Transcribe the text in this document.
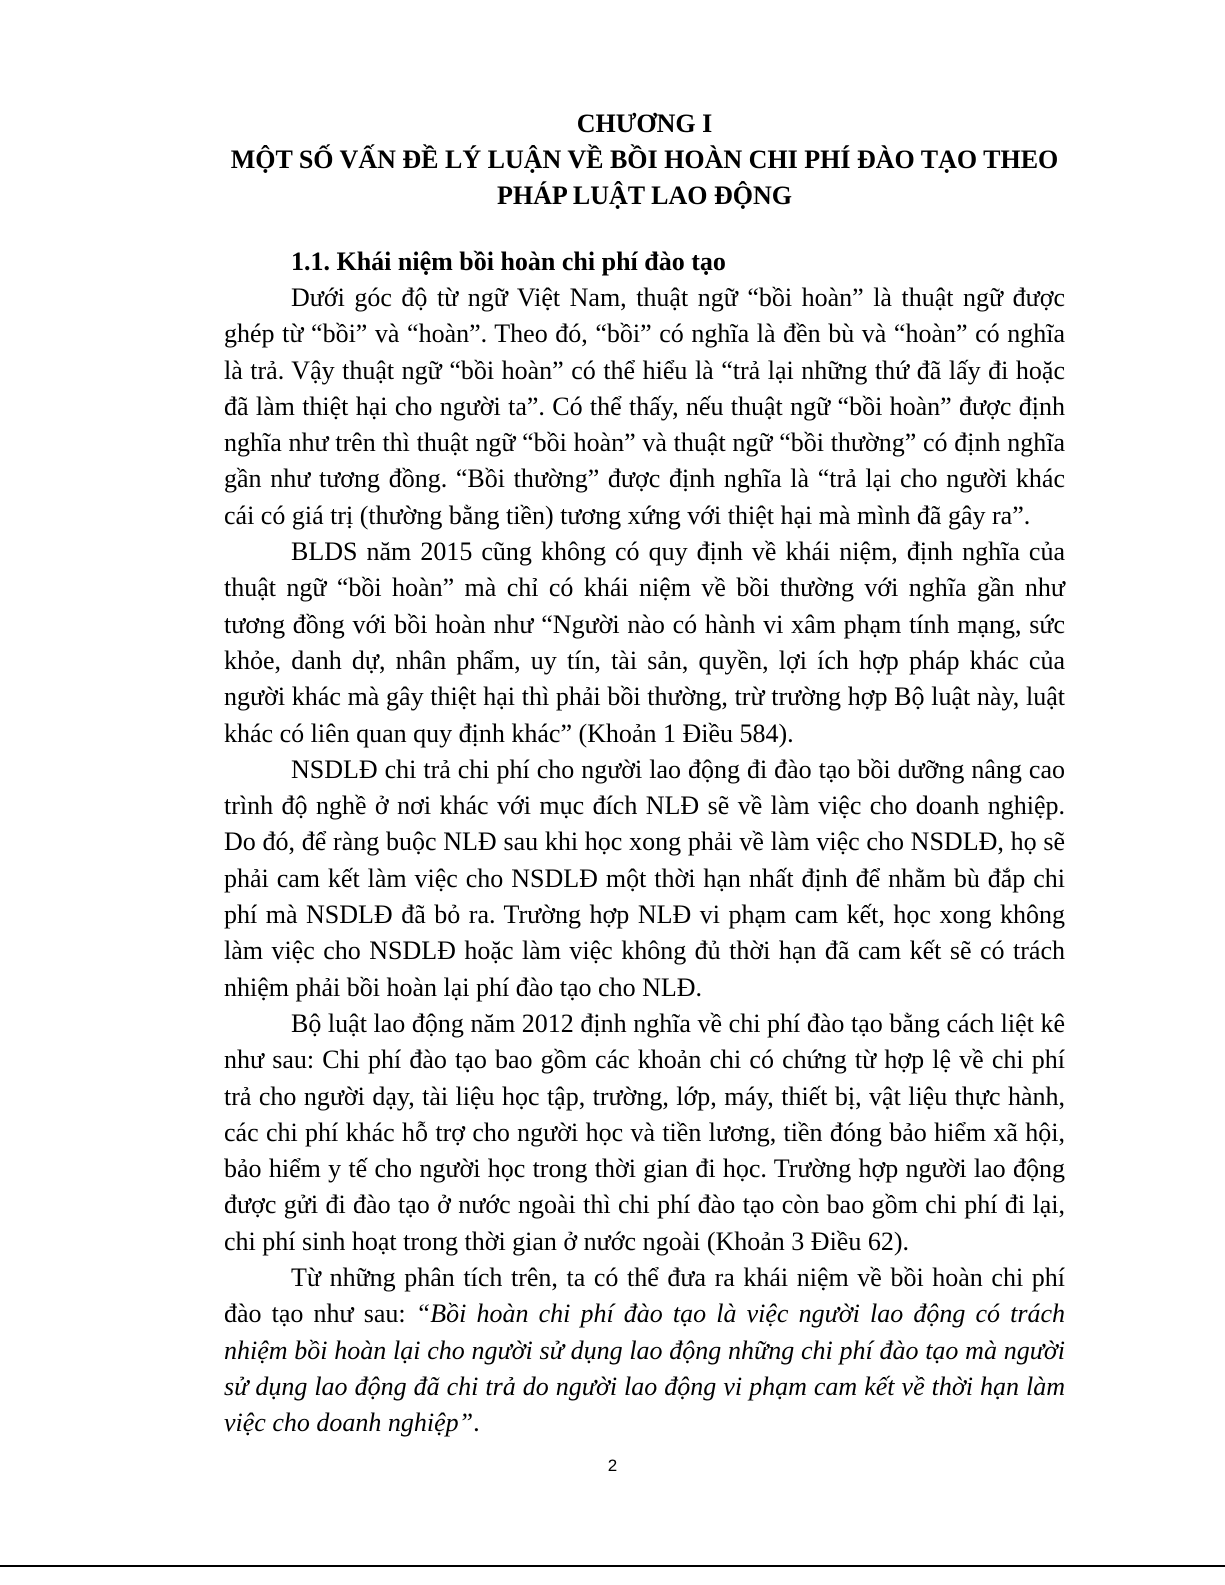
CHƯƠNG I
MỘT SỐ VẤN ĐỀ LÝ LUẬN VỀ BỒI HOÀN CHI PHÍ ĐÀO TẠO THEO
PHÁP LUẬT LAO ĐỘNG
1.1. Khái niệm bồi hoàn chi phí đào tạo

Dưới góc độ từ ngữ Việt Nam, thuật ngữ “bồi hoàn” là thuật ngữ được ghép từ “bồi” và “hoàn”. Theo đó, “bồi” có nghĩa là đền bù và “hoàn” có nghĩa là trả. Vậy thuật ngữ “bồi hoàn” có thể hiểu là “trả lại những thứ đã lấy đi hoặc đã làm thiệt hại cho người ta”. Có thể thấy, nếu thuật ngữ “bồi hoàn” được định nghĩa như trên thì thuật ngữ “bồi hoàn” và thuật ngữ “bồi thường” có định nghĩa gần như tương đồng. “Bồi thường” được định nghĩa là “trả lại cho người khác cái có giá trị (thường bằng tiền) tương xứng với thiệt hại mà mình đã gây ra”.

BLDS năm 2015 cũng không có quy định về khái niệm, định nghĩa của thuật ngữ “bồi hoàn” mà chỉ có khái niệm về bồi thường với nghĩa gần như tương đồng với bồi hoàn như “Người nào có hành vi xâm phạm tính mạng, sức khỏe, danh dự, nhân phẩm, uy tín, tài sản, quyền, lợi ích hợp pháp khác của người khác mà gây thiệt hại thì phải bồi thường, trừ trường hợp Bộ luật này, luật khác có liên quan quy định khác” (Khoản 1 Điều 584).

NSDLĐ chi trả chi phí cho người lao động đi đào tạo bồi dưỡng nâng cao trình độ nghề ở nơi khác với mục đích NLĐ sẽ về làm việc cho doanh nghiệp. Do đó, để ràng buộc NLĐ sau khi học xong phải về làm việc cho NSDLĐ, họ sẽ phải cam kết làm việc cho NSDLĐ một thời hạn nhất định để nhằm bù đắp chi phí mà NSDLĐ đã bỏ ra. Trường hợp NLĐ vi phạm cam kết, học xong không làm việc cho NSDLĐ hoặc làm việc không đủ thời hạn đã cam kết sẽ có trách nhiệm phải bồi hoàn lại phí đào tạo cho NLĐ.

Bộ luật lao động năm 2012 định nghĩa về chi phí đào tạo bằng cách liệt kê như sau: Chi phí đào tạo bao gồm các khoản chi có chứng từ hợp lệ về chi phí trả cho người dạy, tài liệu học tập, trường, lớp, máy, thiết bị, vật liệu thực hành, các chi phí khác hỗ trợ cho người học và tiền lương, tiền đóng bảo hiểm xã hội, bảo hiểm y tế cho người học trong thời gian đi học. Trường hợp người lao động được gửi đi đào tạo ở nước ngoài thì chi phí đào tạo còn bao gồm chi phí đi lại, chi phí sinh hoạt trong thời gian ở nước ngoài (Khoản 3 Điều 62).

Từ những phân tích trên, ta có thể đưa ra khái niệm về bồi hoàn chi phí đào tạo như sau: “Bồi hoàn chi phí đào tạo là việc người lao động có trách nhiệm bồi hoàn lại cho người sử dụng lao động những chi phí đào tạo mà người sử dụng lao động đã chi trả do người lao động vi phạm cam kết về thời hạn làm việc cho doanh nghiệp”.

2
